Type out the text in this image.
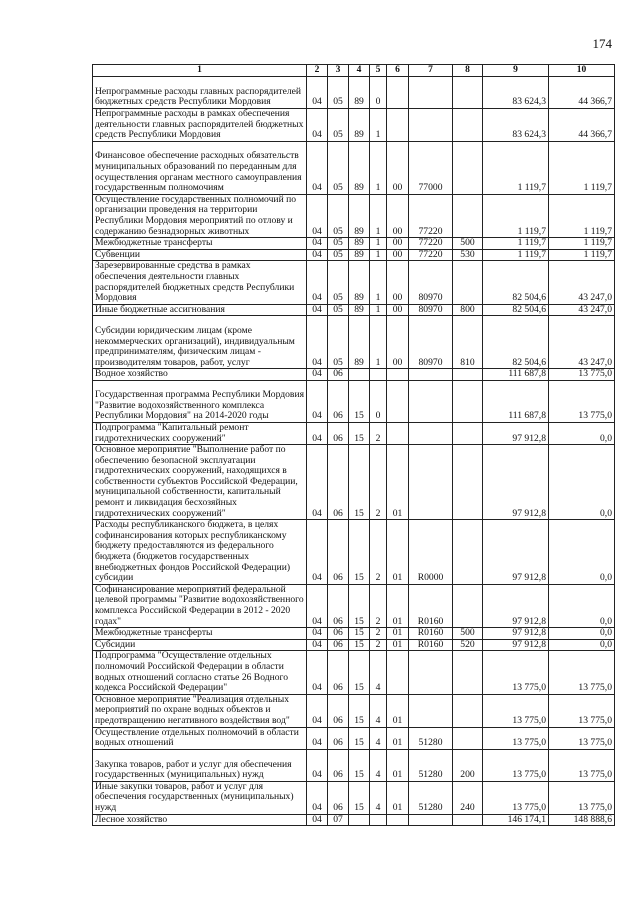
174
1	2	3	4	5	6	7	8	9	10
Непрограммные расходы главных распорядителей бюджетных средств Республики Мордовия	04	05	89	0				83 624,3	44 366,7
Непрограммные расходы в рамках обеспечения деятельности главных распорядителей бюджетных средств Республики Мордовия	04	05	89	1				83 624,3	44 366,7
Финансовое обеспечение расходных обязательств муниципальных образований по переданным для осуществления органам местного самоуправления государственным полномочиям	04	05	89	1	00	77000		1 119,7	1 119,7
Осуществление государственных полномочий по организации проведения на территории Республики Мордовия мероприятий по отлову и содержанию безнадзорных животных	04	05	89	1	00	77220		1 119,7	1 119,7
Межбюджетные трансферты	04	05	89	1	00	77220	500	1 119,7	1 119,7
Субвенции	04	05	89	1	00	77220	530	1 119,7	1 119,7
Зарезервированные средства в рамках обеспечения деятельности главных распорядителей бюджетных средств Республики Мордовия	04	05	89	1	00	80970		82 504,6	43 247,0
Иные бюджетные ассигнования	04	05	89	1	00	80970	800	82 504,6	43 247,0
Субсидии юридическим лицам (кроме некоммерческих организаций), индивидуальным предпринимателям, физическим лицам - производителям товаров, работ, услуг	04	05	89	1	00	80970	810	82 504,6	43 247,0
Водное хозяйство	04	06						111 687,8	13 775,0
Государственная программа Республики Мордовия "Развитие водохозяйственного комплекса Республики Мордовия" на 2014-2020 годы	04	06	15	0				111 687,8	13 775,0
Подпрограмма "Капитальный ремонт гидротехнических сооружений"	04	06	15	2				97 912,8	0,0
Основное мероприятие "Выполнение работ по обеспечению безопасной эксплуатации гидротехнических сооружений, находящихся в собственности субъектов Российской Федерации, муниципальной собственности, капитальный ремонт и ликвидация бесхозяйных гидротехнических сооружений"	04	06	15	2	01			97 912,8	0,0
Расходы республиканского бюджета, в целях софинансирования которых республиканскому бюджету предоставляются из федерального бюджета (бюджетов государственных внебюджетных фондов Российской Федерации) субсидии	04	06	15	2	01	R0000		97 912,8	0,0
Софинансирование мероприятий федеральной целевой программы "Развитие водохозяйственного комплекса Российской Федерации в 2012 - 2020 годах"	04	06	15	2	01	R0160		97 912,8	0,0
Межбюджетные трансферты	04	06	15	2	01	R0160	500	97 912,8	0,0
Субсидии	04	06	15	2	01	R0160	520	97 912,8	0,0
Подпрограмма "Осуществление отдельных полномочий Российской Федерации в области водных отношений согласно статье 26 Водного кодекса Российской Федерации"	04	06	15	4				13 775,0	13 775,0
Основное мероприятие "Реализация отдельных мероприятий по охране водных объектов и предотвращению негативного воздействия вод"	04	06	15	4	01			13 775,0	13 775,0
Осуществление отдельных полномочий в области водных отношений	04	06	15	4	01	51280		13 775,0	13 775,0
Закупка товаров, работ и услуг для обеспечения государственных (муниципальных) нужд	04	06	15	4	01	51280	200	13 775,0	13 775,0
Иные закупки товаров, работ и услуг для обеспечения государственных (муниципальных) нужд	04	06	15	4	01	51280	240	13 775,0	13 775,0
Лесное хозяйство	04	07						146 174,1	148 888,6
